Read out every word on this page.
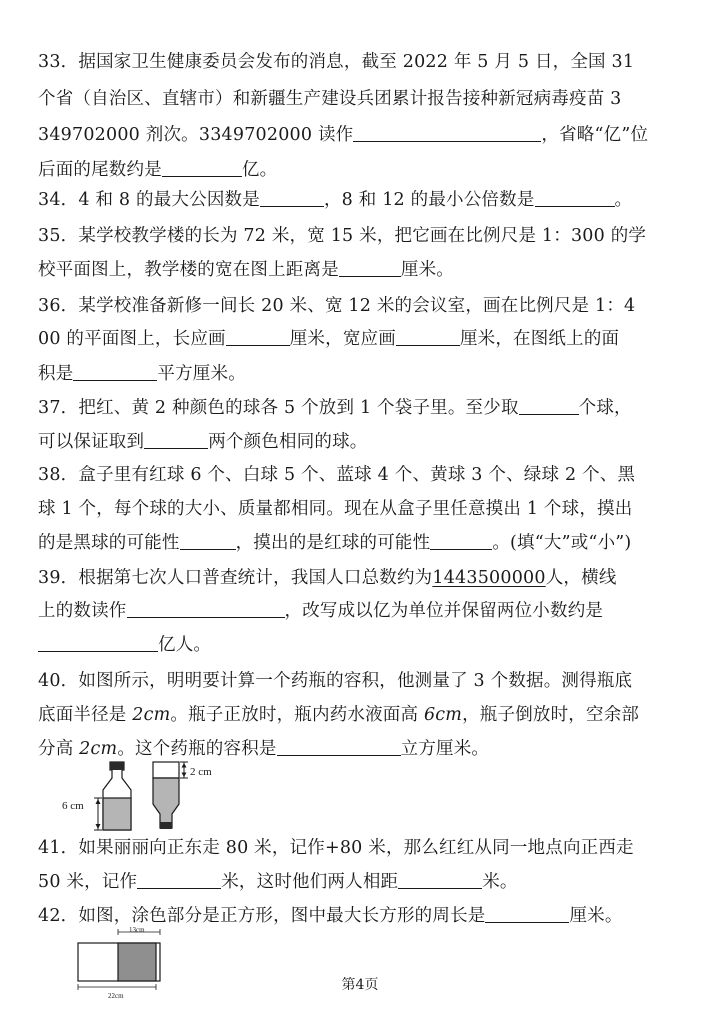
33．据国家卫生健康委员会发布的消息，截至 2022 年 5 月 5 日，全国 31
个省（自治区、直辖市）和新疆生产建设兵团累计报告接种新冠病毒疫苗 3
349702000 剂次。3349702000 读作	，省略“亿”位
后面的尾数约是	亿。
34．4 和 8 的最大公因数是	，8 和 12 的最小公倍数是	。
35．某学校教学楼的长为 72 米，宽 15 米，把它画在比例尺是 1：300 的学
校平面图上，教学楼的宽在图上距离是	厘米。
36．某学校准备新修一间长 20 米、宽 12 米的会议室，画在比例尺是 1：4
00 的平面图上，长应画	厘米，宽应画	厘米，在图纸上的面
积是	平方厘米。
37．把红、黄 2 种颜色的球各 5 个放到 1 个袋子里。至少取	个球，
可以保证取到	两个颜色相同的球。
38．盒子里有红球 6 个、白球 5 个、蓝球 4 个、黄球 3 个、绿球 2 个、黑
球 1 个，每个球的大小、质量都相同。现在从盒子里任意摸出 1 个球，摸出
的是黑球的可能性	，摸出的是红球的可能性	。(填“大”或“小”)
39．根据第七次人口普查统计，我国人口总数约为1443500000人，横线
上的数读作	，改写成以亿为单位并保留两位小数约是
亿人。
40．如图所示，明明要计算一个药瓶的容积，他测量了 3 个数据。测得瓶底
底面半径是 2cm。瓶子正放时，瓶内药水液面高 6cm，瓶子倒放时，空余部
分高 2cm。这个药瓶的容积是	立方厘米。
6 cm
2 cm
41．如果丽丽向正东走 80 米，记作+80 米，那么红红从同一地点向正西走
50 米，记作	米，这时他们两人相距	米。
42．如图，涂色部分是正方形，图中最大长方形的周长是	厘米。
13cm
22cm
第4页
